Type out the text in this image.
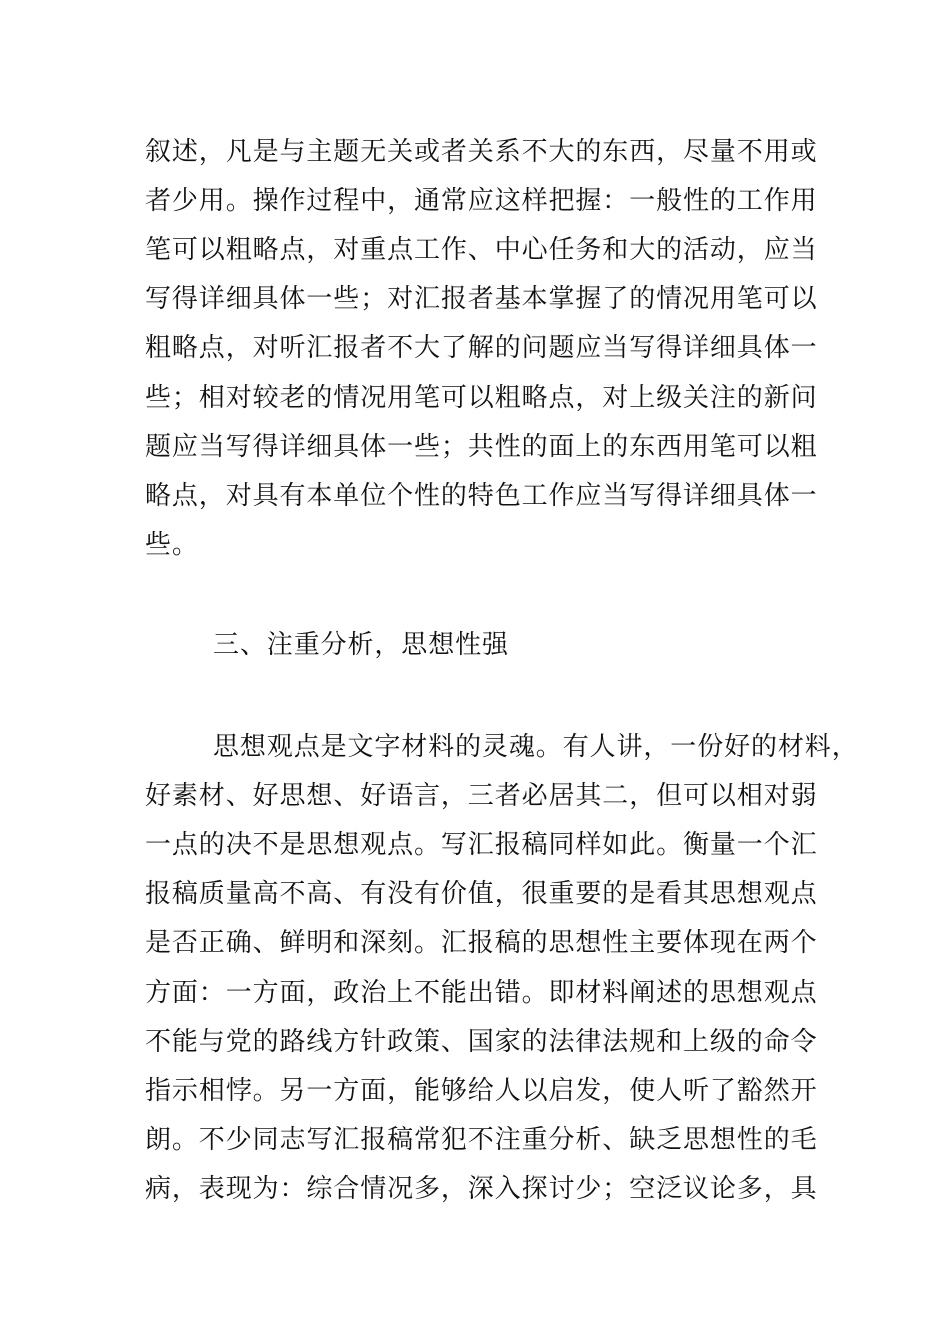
叙述，凡是与主题无关或者关系不大的东西，尽量不用或
者少用。操作过程中，通常应这样把握：一般性的工作用
笔可以粗略点，对重点工作、中心任务和大的活动，应当
写得详细具体一些；对汇报者基本掌握了的情况用笔可以
粗略点，对听汇报者不大了解的问题应当写得详细具体一
些；相对较老的情况用笔可以粗略点，对上级关注的新问
题应当写得详细具体一些；共性的面上的东西用笔可以粗
略点，对具有本单位个性的特色工作应当写得详细具体一
些。
三、注重分析，思想性强
思想观点是文字材料的灵魂。有人讲，一份好的材料，
好素材、好思想、好语言，三者必居其二，但可以相对弱
一点的决不是思想观点。写汇报稿同样如此。衡量一个汇
报稿质量高不高、有没有价值，很重要的是看其思想观点
是否正确、鲜明和深刻。汇报稿的思想性主要体现在两个
方面：一方面，政治上不能出错。即材料阐述的思想观点
不能与党的路线方针政策、国家的法律法规和上级的命令
指示相悖。另一方面，能够给人以启发，使人听了豁然开
朗。不少同志写汇报稿常犯不注重分析、缺乏思想性的毛
病，表现为：综合情况多，深入探讨少；空泛议论多，具
